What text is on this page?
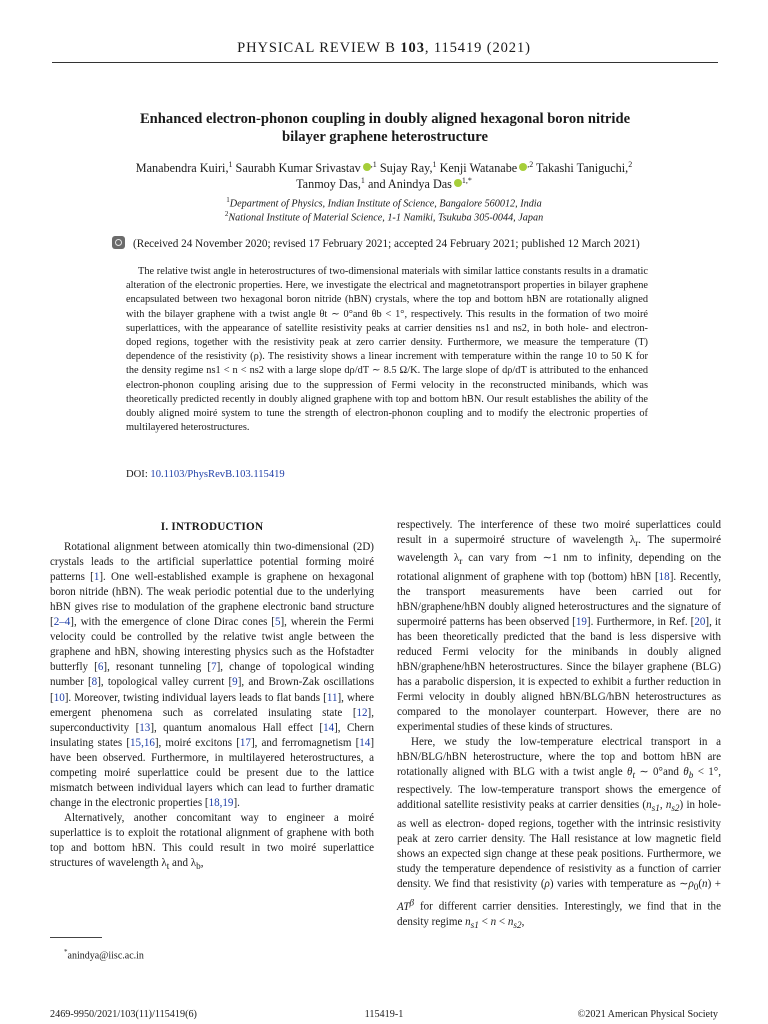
PHYSICAL REVIEW B 103, 115419 (2021)
Enhanced electron-phonon coupling in doubly aligned hexagonal boron nitride
bilayer graphene heterostructure
Manabendra Kuiri,$^1$ Saurabh Kumar Srivastav $^{,1}$ Sujay Ray,$^1$ Kenji Watanabe $^{,2}$ Takashi Taniguchi,$^2$
Tanmoy Das,$^1$ and Anindya Das $^{1,*}$
$^1$Department of Physics, Indian Institute of Science, Bangalore 560012, India
$^2$National Institute of Material Science, 1-1 Namiki, Tsukuba 305-0044, Japan
(Received 24 November 2020; revised 17 February 2021; accepted 24 February 2021; published 12 March 2021)
The relative twist angle in heterostructures of two-dimensional materials with similar lattice constants results in a dramatic alteration of the electronic properties. Here, we investigate the electrical and magnetotransport properties in bilayer graphene encapsulated between two hexagonal boron nitride (hBN) crystals, where the top and bottom hBN are rotationally aligned with the bilayer graphene with a twist angle θt ∼ 0°and θb < 1°, respectively. This results in the formation of two moiré superlattices, with the appearance of satellite resistivity peaks at carrier densities ns1 and ns2, in both hole- and electron-doped regions, together with the resistivity peak at zero carrier density. Furthermore, we measure the temperature (T) dependence of the resistivity (ρ). The resistivity shows a linear increment with temperature within the range 10 to 50 K for the density regime ns1 < n < ns2 with a large slope dρ/dT ∼ 8.5 Ω/K. The large slope of dρ/dT is attributed to the enhanced electron-phonon coupling arising due to the suppression of Fermi velocity in the reconstructed minibands, which was theoretically predicted recently in doubly aligned graphene with top and bottom hBN. Our result establishes the ability of the doubly aligned moiré system to tune the strength of electron-phonon coupling and to modify the electronic properties of multilayered heterostructures.
DOI: 10.1103/PhysRevB.103.115419
I. INTRODUCTION

Rotational alignment between atomically thin two-dimensional (2D) crystals leads to the artificial superlattice potential forming moiré patterns [1]. One well-established example is graphene on hexagonal boron nitride (hBN). The weak periodic potential due to the underlying hBN gives rise to modulation of the graphene electronic band structure [2–4], with the emergence of clone Dirac cones [5], wherein the Fermi velocity could be controlled by the relative twist angle between the graphene and hBN, showing interesting physics such as the Hofstadter butterfly [6], resonant tunneling [7], change of topological winding number [8], topological valley current [9], and Brown-Zak oscillations [10]. Moreover, twisting individual layers leads to flat bands [11], where emergent phenomena such as correlated insulating state [12], superconductivity [13], quantum anomalous Hall effect [14], Chern insulating states [15,16], moiré excitons [17], and ferromagnetism [14] have been observed. Furthermore, in multilayered heterostructures, a competing moiré superlattice could be present due to the lattice mismatch between individual layers which can lead to further dramatic change in the electronic properties [18,19].

Alternatively, another concomitant way to engineer a moiré superlattice is to exploit the rotational alignment of graphene with both top and bottom hBN. This could result in two moiré superlattice structures of wavelength $\lambda_t$ and $\lambda_b$,

respectively. The interference of these two moiré superlattices could result in a supermoiré structure of wavelength $\lambda_r$. The supermoiré wavelength $\lambda_r$ can vary from ∼1 nm to infinity, depending on the rotational alignment of graphene with top (bottom) hBN [18]. Recently, the transport measurements have been carried out for hBN/graphene/hBN doubly aligned heterostructures and the signature of supermoiré patterns has been observed [19]. Furthermore, in Ref. [20], it has been theoretically predicted that the band is less dispersive with reduced Fermi velocity for the minibands in doubly aligned hBN/graphene/hBN heterostructures. Since the bilayer graphene (BLG) has a parabolic dispersion, it is expected to exhibit a further reduction in Fermi velocity in doubly aligned hBN/BLG/hBN heterostructures as compared to the monolayer counterpart. However, there are no experimental studies of these kinds of structures.

Here, we study the low-temperature electrical transport in a hBN/BLG/hBN heterostructure, where the top and bottom hBN are rotationally aligned with BLG with a twist angle $\theta_t$ ∼ 0°and $\theta_b < 1^\circ$, respectively. The low-temperature transport shows the emergence of additional satellite resistivity peaks at carrier densities ($n_{s1}$, $n_{s2}$) in hole- as well as electron- doped regions, together with the intrinsic resistivity peak at zero carrier density. The Hall resistance at low magnetic field shows an expected sign change at these peak positions. Furthermore, we study the temperature dependence of resistivity as a function of carrier density. We find that resistivity (ρ) varies with temperature as $\sim\rho_0(n) + AT^\beta$ for different carrier densities. Interestingly, we find that in the density regime $n_{s1} < n < n_{s2}$,

*anindya@iisc.ac.in
2469-9950/2021/103(11)/115419(6)	115419-1	©2021 American Physical Society
